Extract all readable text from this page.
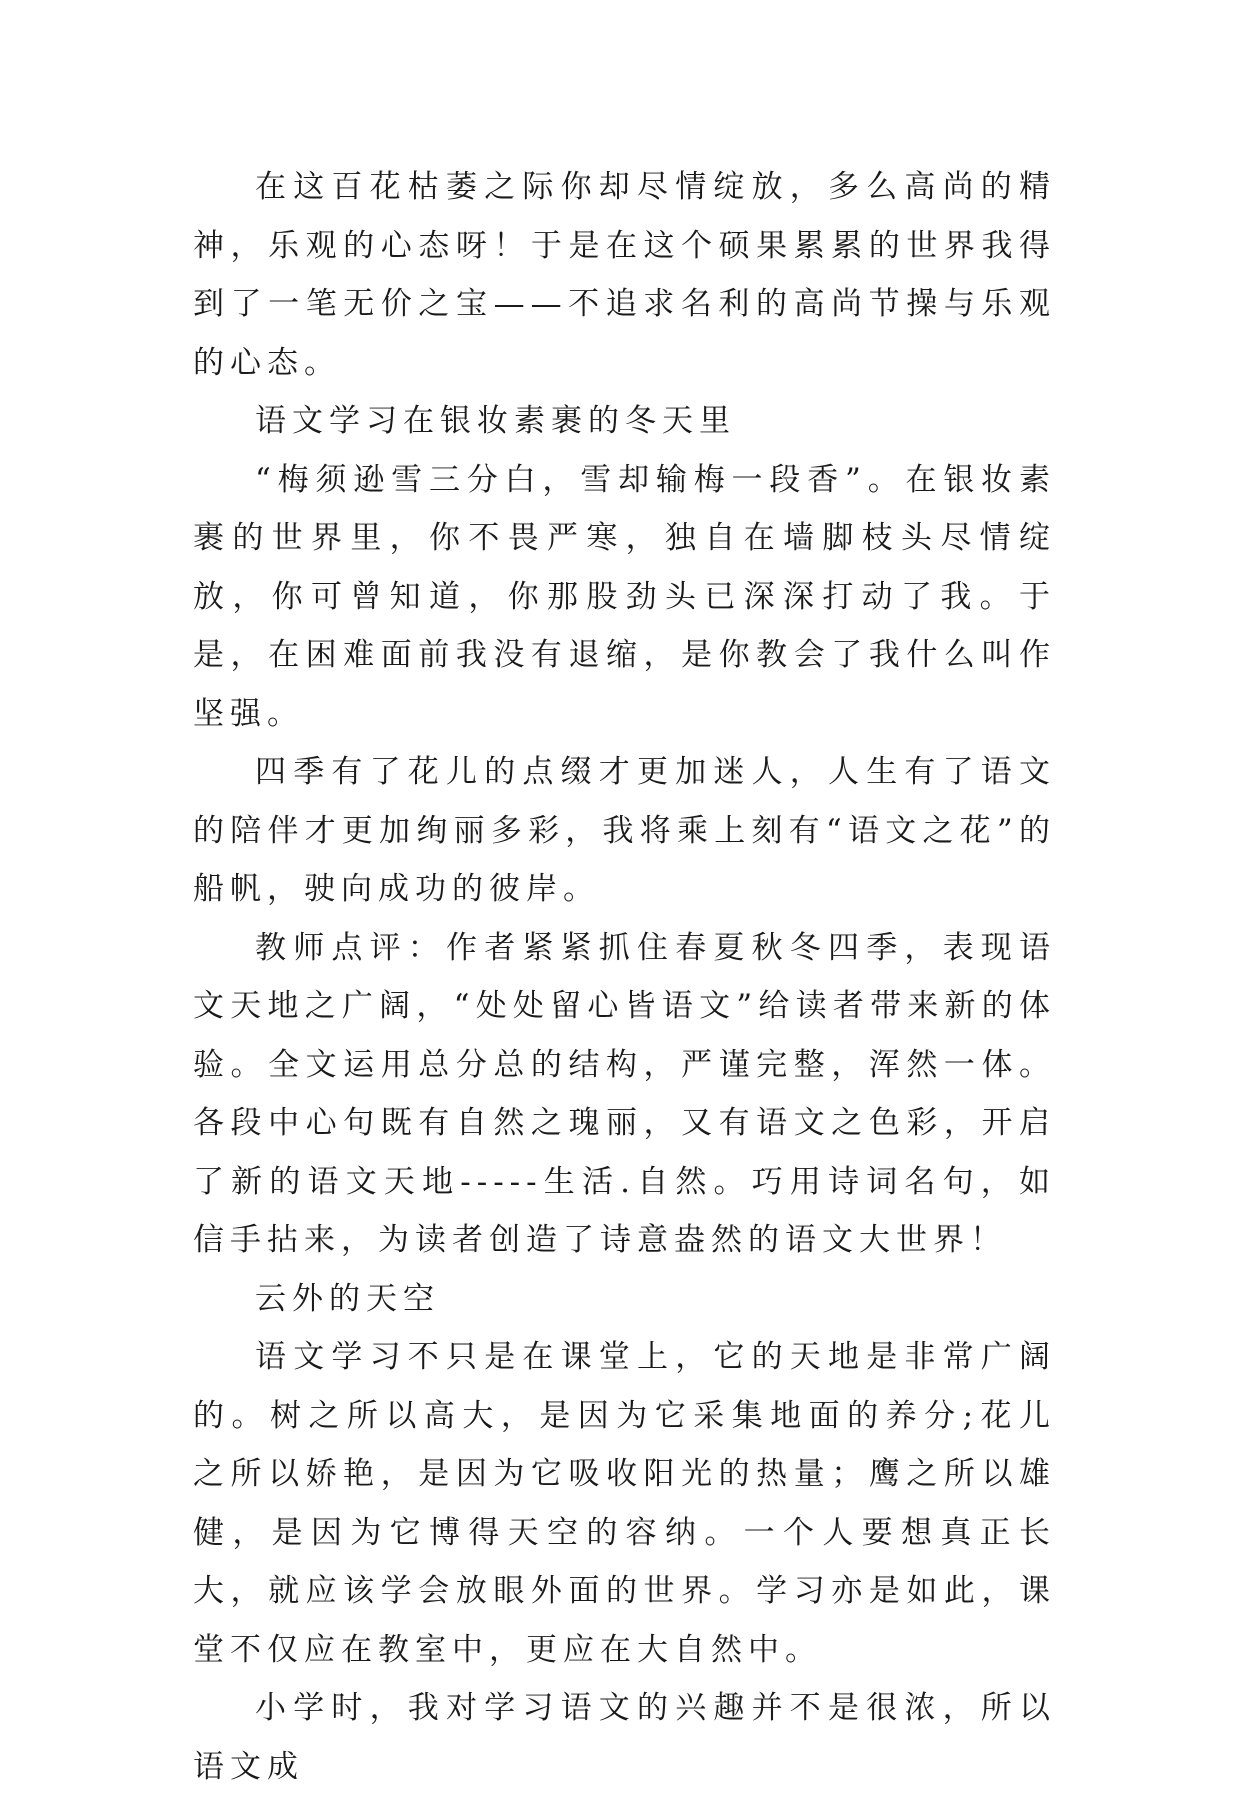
在这百花枯萎之际你却尽情绽放，多么高尚的精神，乐观的心态呀！于是在这个硕果累累的世界我得到了一笔无价之宝——不追求名利的高尚节操与乐观的心态。

语文学习在银妆素裹的冬天里

“梅须逊雪三分白，雪却输梅一段香”。在银妆素裹的世界里，你不畏严寒，独自在墙脚枝头尽情绽放，你可曾知道，你那股劲头已深深打动了我。于是，在困难面前我没有退缩，是你教会了我什么叫作坚强。

四季有了花儿的点缀才更加迷人，人生有了语文的陪伴才更加绚丽多彩，我将乘上刻有“语文之花”的船帆，驶向成功的彼岸。

教师点评：作者紧紧抓住春夏秋冬四季，表现语文天地之广阔，“处处留心皆语文”给读者带来新的体验。全文运用总分总的结构，严谨完整，浑然一体。各段中心句既有自然之瑰丽，又有语文之色彩，开启了新的语文天地-----生活.自然。巧用诗词名句，如信手拈来，为读者创造了诗意盎然的语文大世界！

云外的天空

语文学习不只是在课堂上，它的天地是非常广阔的。树之所以高大，是因为它采集地面的养分;花儿之所以娇艳，是因为它吸收阳光的热量；鹰之所以雄健，是因为它博得天空的容纳。一个人要想真正长大，就应该学会放眼外面的世界。学习亦是如此，课堂不仅应在教室中，更应在大自然中。

小学时，我对学习语文的兴趣并不是很浓，所以语文成
